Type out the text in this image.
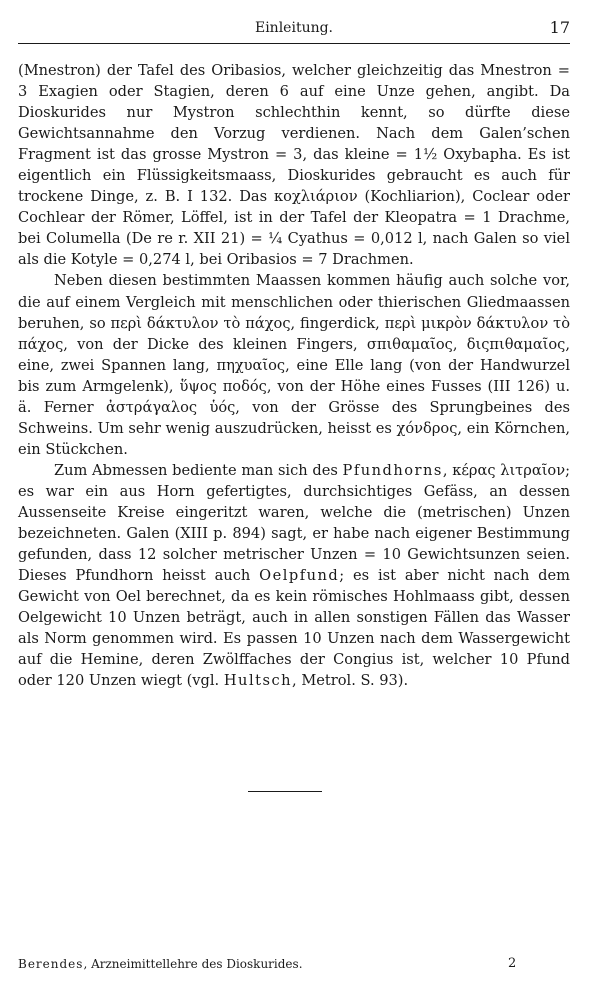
Einleitung.	17

(Mnestron) der Tafel des Oribasios, welcher gleichzeitig das Mnestron = 3 Exagien oder Stagien, deren 6 auf eine Unze gehen, angibt. Da Dioskurides nur Mystron schlechthin kennt, so dürfte diese Gewichtsannahme den Vorzug verdienen. Nach dem Galen’schen Fragment ist das grosse Mystron = 3, das kleine = 1½ Oxybapha. Es ist eigentlich ein Flüssigkeitsmaass, Dioskurides gebraucht es auch für trockene Dinge, z. B. I 132. Das κοχλιάριον (Kochliarion), Coclear oder Cochlear der Römer, Löffel, ist in der Tafel der Kleopatra = 1 Drachme, bei Columella (De re r. XII 21) = ¼ Cyathus = 0,012 l, nach Galen so viel als die Kotyle = 0,274 l, bei Oribasios = 7 Drachmen.

Neben diesen bestimmten Maassen kommen häufig auch solche vor, die auf einem Vergleich mit menschlichen oder thierischen Gliedmaassen beruhen, so περὶ δάκτυλον τὸ πάχος, fingerdick, περὶ μικρὸν δάκτυλον τὸ πάχος, von der Dicke des kleinen Fingers, σπιθαμαῖος, διςπιθαμαῖος, eine, zwei Spannen lang, πηχυαῖος, eine Elle lang (von der Handwurzel bis zum Armgelenk), ὕψος ποδός, von der Höhe eines Fusses (III 126) u. ä. Ferner ἀστράγαλος ὑός, von der Grösse des Sprungbeines des Schweins. Um sehr wenig auszudrücken, heisst es χόνδρος, ein Körnchen, ein Stückchen.

Zum Abmessen bediente man sich des Pfundhorns, κέρας λιτραῖον; es war ein aus Horn gefertigtes, durchsichtiges Gefäss, an dessen Aussenseite Kreise eingeritzt waren, welche die (metrischen) Unzen bezeichneten. Galen (XIII p. 894) sagt, er habe nach eigener Bestimmung gefunden, dass 12 solcher metrischer Unzen = 10 Gewichtsunzen seien. Dieses Pfundhorn heisst auch Oelpfund; es ist aber nicht nach dem Gewicht von Oel berechnet, da es kein römisches Hohlmaass gibt, dessen Oelgewicht 10 Unzen beträgt, auch in allen sonstigen Fällen das Wasser als Norm genommen wird. Es passen 10 Unzen nach dem Wassergewicht auf die Hemine, deren Zwölffaches der Congius ist, welcher 10 Pfund oder 120 Unzen wiegt (vgl. Hultsch, Metrol. S. 93).

Berendes, Arzneimittellehre des Dioskurides.	2
